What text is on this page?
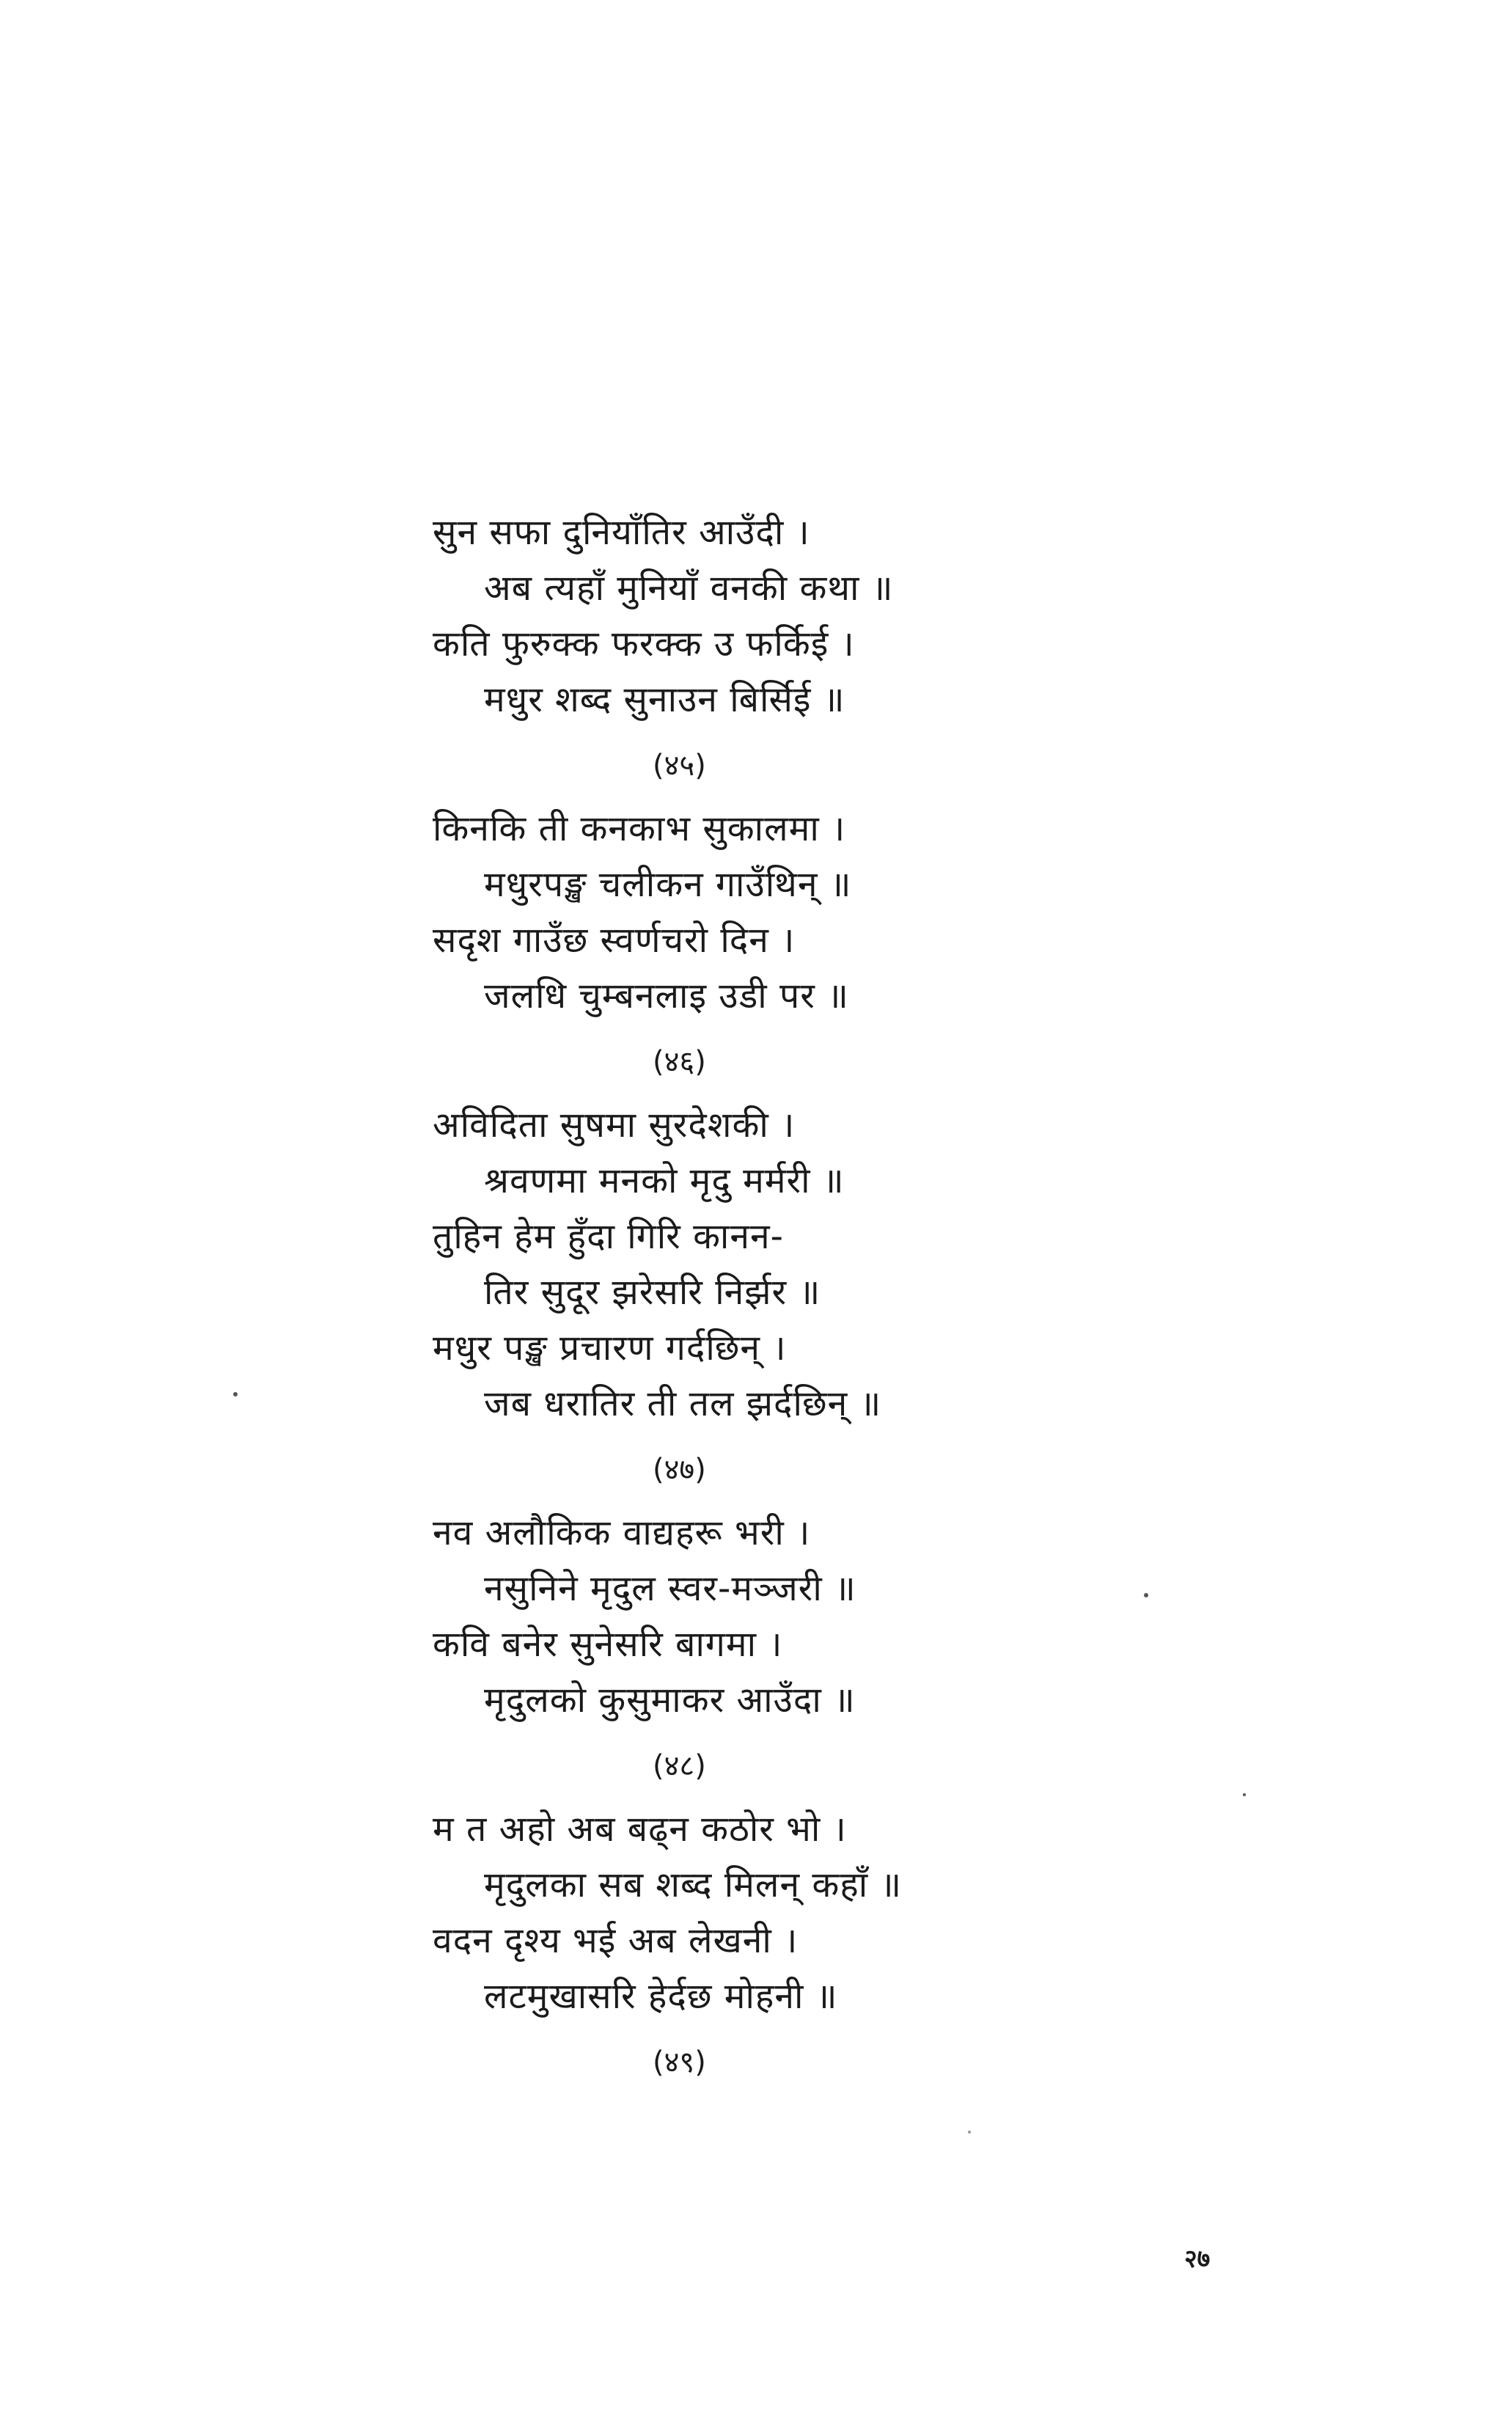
सुन सफा दुनियाँतिर आउँदी ।
अब त्यहाँ मुनियाँ वनकी कथा ॥
कति फुरुक्क फरक्क उ फर्किई ।
मधुर शब्द सुनाउन बिर्सिई ॥
(४५)
किनकि ती कनकाभ सुकालमा ।
मधुरपङ्ख चलीकन गाउँथिन् ॥
सदृश गाउँछ स्वर्णचरो दिन ।
जलधि चुम्बनलाइ उडी पर ॥
(४६)
अविदिता सुषमा सुरदेशकी ।
श्रवणमा मनको मृदु मर्मरी ॥
तुहिन हेम हुँदा गिरि कानन-
तिर सुदूर झरेसरि निर्झर ॥
मधुर पङ्ख प्रचारण गर्दछिन् ।
जब धरातिर ती तल झर्दछिन् ॥
(४७)
नव अलौकिक वाद्यहरू भरी ।
नसुनिने मृदुल स्वर-मञ्जरी ॥
कवि बनेर सुनेसरि बागमा ।
मृदुलको कुसुमाकर आउँदा ॥
(४८)
म त अहो अब बढ्न कठोर भो ।
मृदुलका सब शब्द मिलन् कहाँ ॥
वदन दृश्य भई अब लेखनी ।
लटमुखासरि हेर्दछ मोहनी ॥
(४९)
२७
